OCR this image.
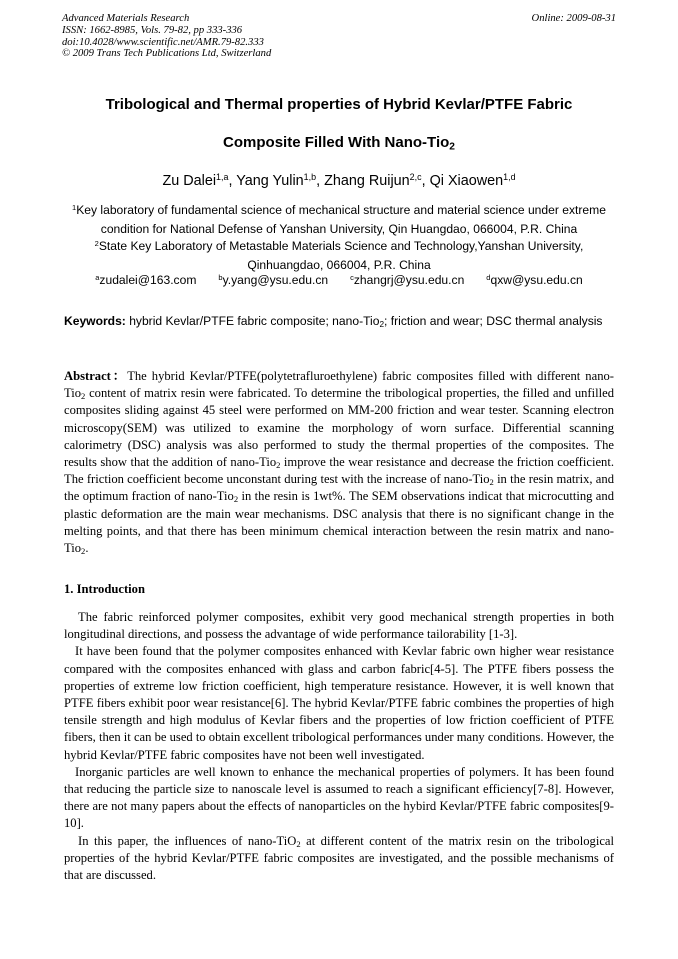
Advanced Materials Research
ISSN: 1662-8985, Vols. 79-82, pp 333-336
doi:10.4028/www.scientific.net/AMR.79-82.333
© 2009 Trans Tech Publications Ltd, Switzerland
Online: 2009-08-31
Tribological and Thermal properties of Hybrid Kevlar/PTFE Fabric
Composite Filled With Nano-Tio$_2$
Zu Dalei$^{1,a}$, Yang Yulin$^{1,b}$, Zhang Ruijun$^{2,c}$, Qi Xiaowen$^{1,d}$
$^1$Key laboratory of fundamental science of mechanical structure and material science under extreme
condition for National Defense of Yanshan University, Qin Huangdao, 066004, P.R. China
$^2$State Key Laboratory of Metastable Materials Science and Technology,Yanshan University,
Qinhuangdao, 066004, P.R. China
$^a$zudalei@163.com	$^b$y.yang@ysu.edu.cn	$^c$zhangrj@ysu.edu.cn	$^d$qxw@ysu.edu.cn
Keywords: hybrid Kevlar/PTFE fabric composite; nano-Tio$_2$; friction and wear; DSC thermal analysis
Abstract：The hybrid Kevlar/PTFE(polytetrafluroethylene) fabric composites filled with different nano-Tio$_2$ content of matrix resin were fabricated. To determine the tribological properties, the filled and unfilled composites sliding against 45 steel were performed on MM-200 friction and wear tester. Scanning electron microscopy(SEM) was utilized to examine the morphology of worn surface. Differential scanning calorimetry (DSC) analysis was also performed to study the thermal properties of the composites. The results show that the addition of nano-Tio$_2$ improve the wear resistance and decrease the friction coefficient. The friction coefficient become unconstant during test with the increase of nano-Tio$_2$ in the resin matrix, and the optimum fraction of nano-Tio$_2$ in the resin is 1wt%. The SEM observations indicat that microcutting and plastic deformation are the main wear mechanisms. DSC analysis that there is no significant change in the melting points, and that there has been minimum chemical interaction between the resin matrix and nano-Tio$_2$.
1. Introduction

The fabric reinforced polymer composites, exhibit very good mechanical strength properties in both longitudinal directions, and possess the advantage of wide performance tailorability [1-3].

It have been found that the polymer composites enhanced with Kevlar fabric own higher wear resistance compared with the composites enhanced with glass and carbon fabric[4-5]. The PTFE fibers possess the properties of extreme low friction coefficient, high temperature resistance. However, it is well known that PTFE fibers exhibit poor wear resistance[6]. The hybrid Kevlar/PTFE fabric combines the properties of high tensile strength and high modulus of Kevlar fibers and the properties of low friction coefficient of PTFE fibers, then it can be used to obtain excellent tribological performances under many conditions. However, the hybrid Kevlar/PTFE fabric composites have not been well investigated.

Inorganic particles are well known to enhance the mechanical properties of polymers. It has been found that reducing the particle size to nanoscale level is assumed to reach a significant efficiency[7-8]. However, there are not many papers about the effects of nanoparticles on the hybird Kevlar/PTFE fabric composites[9-10].

In this paper, the influences of nano-TiO$_2$ at different content of the matrix resin on the tribological properties of the hybrid Kevlar/PTFE fabric composites are investigated, and the possible mechanisms of that are discussed.
